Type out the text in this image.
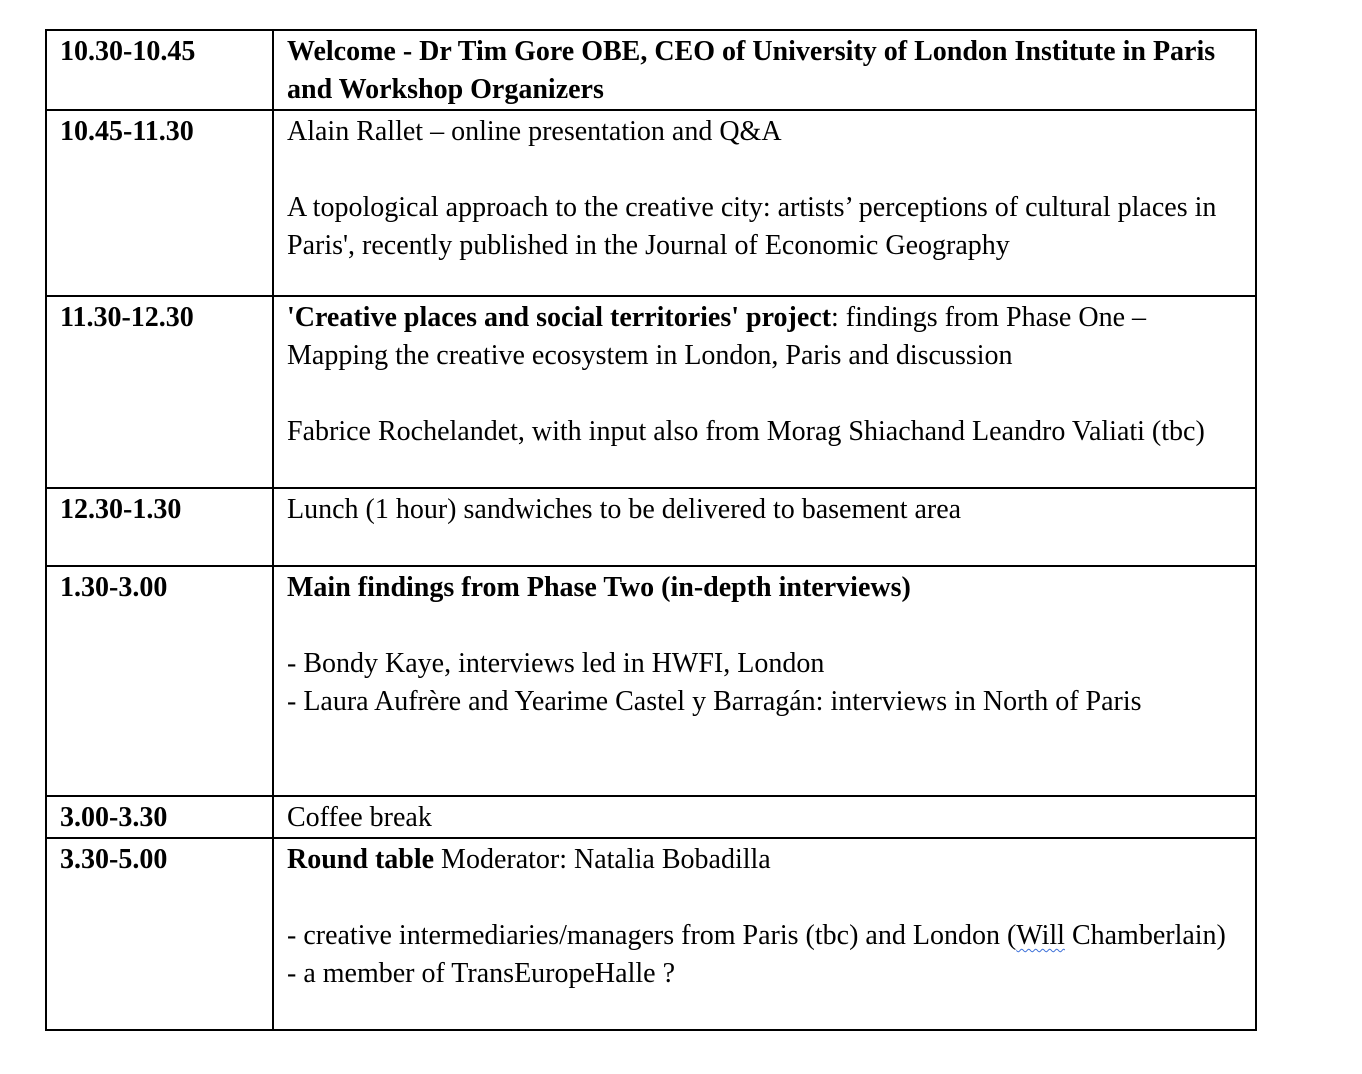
10.30-10.45	Welcome - Dr Tim Gore OBE, CEO of University of London Institute in Paris and Workshop Organizers
10.45-11.30	Alain Rallet – online presentation and Q&A
A topological approach to the creative city: artists’ perceptions of cultural places in Paris', recently published in the Journal of Economic Geography

11.30-12.30	'Creative places and social territories' project: findings from Phase One – Mapping the creative ecosystem in London, Paris and discussion
Fabrice Rochelandet, with input also from Morag Shiachand Leandro Valiati (tbc)

12.30-1.30	Lunch (1 hour) sandwiches to be delivered to basement area

1.30-3.00	Main findings from Phase Two (in-depth interviews)
- Bondy Kaye, interviews led in HWFI, London
- Laura Aufrère and Yearime Castel y Barragán: interviews in North of Paris

3.00-3.30	Coffee break

3.30-5.00	Round table Moderator: Natalia Bobadilla
- creative intermediaries/managers from Paris (tbc) and London (Will Chamberlain)
- a member of TransEuropeHalle ?
